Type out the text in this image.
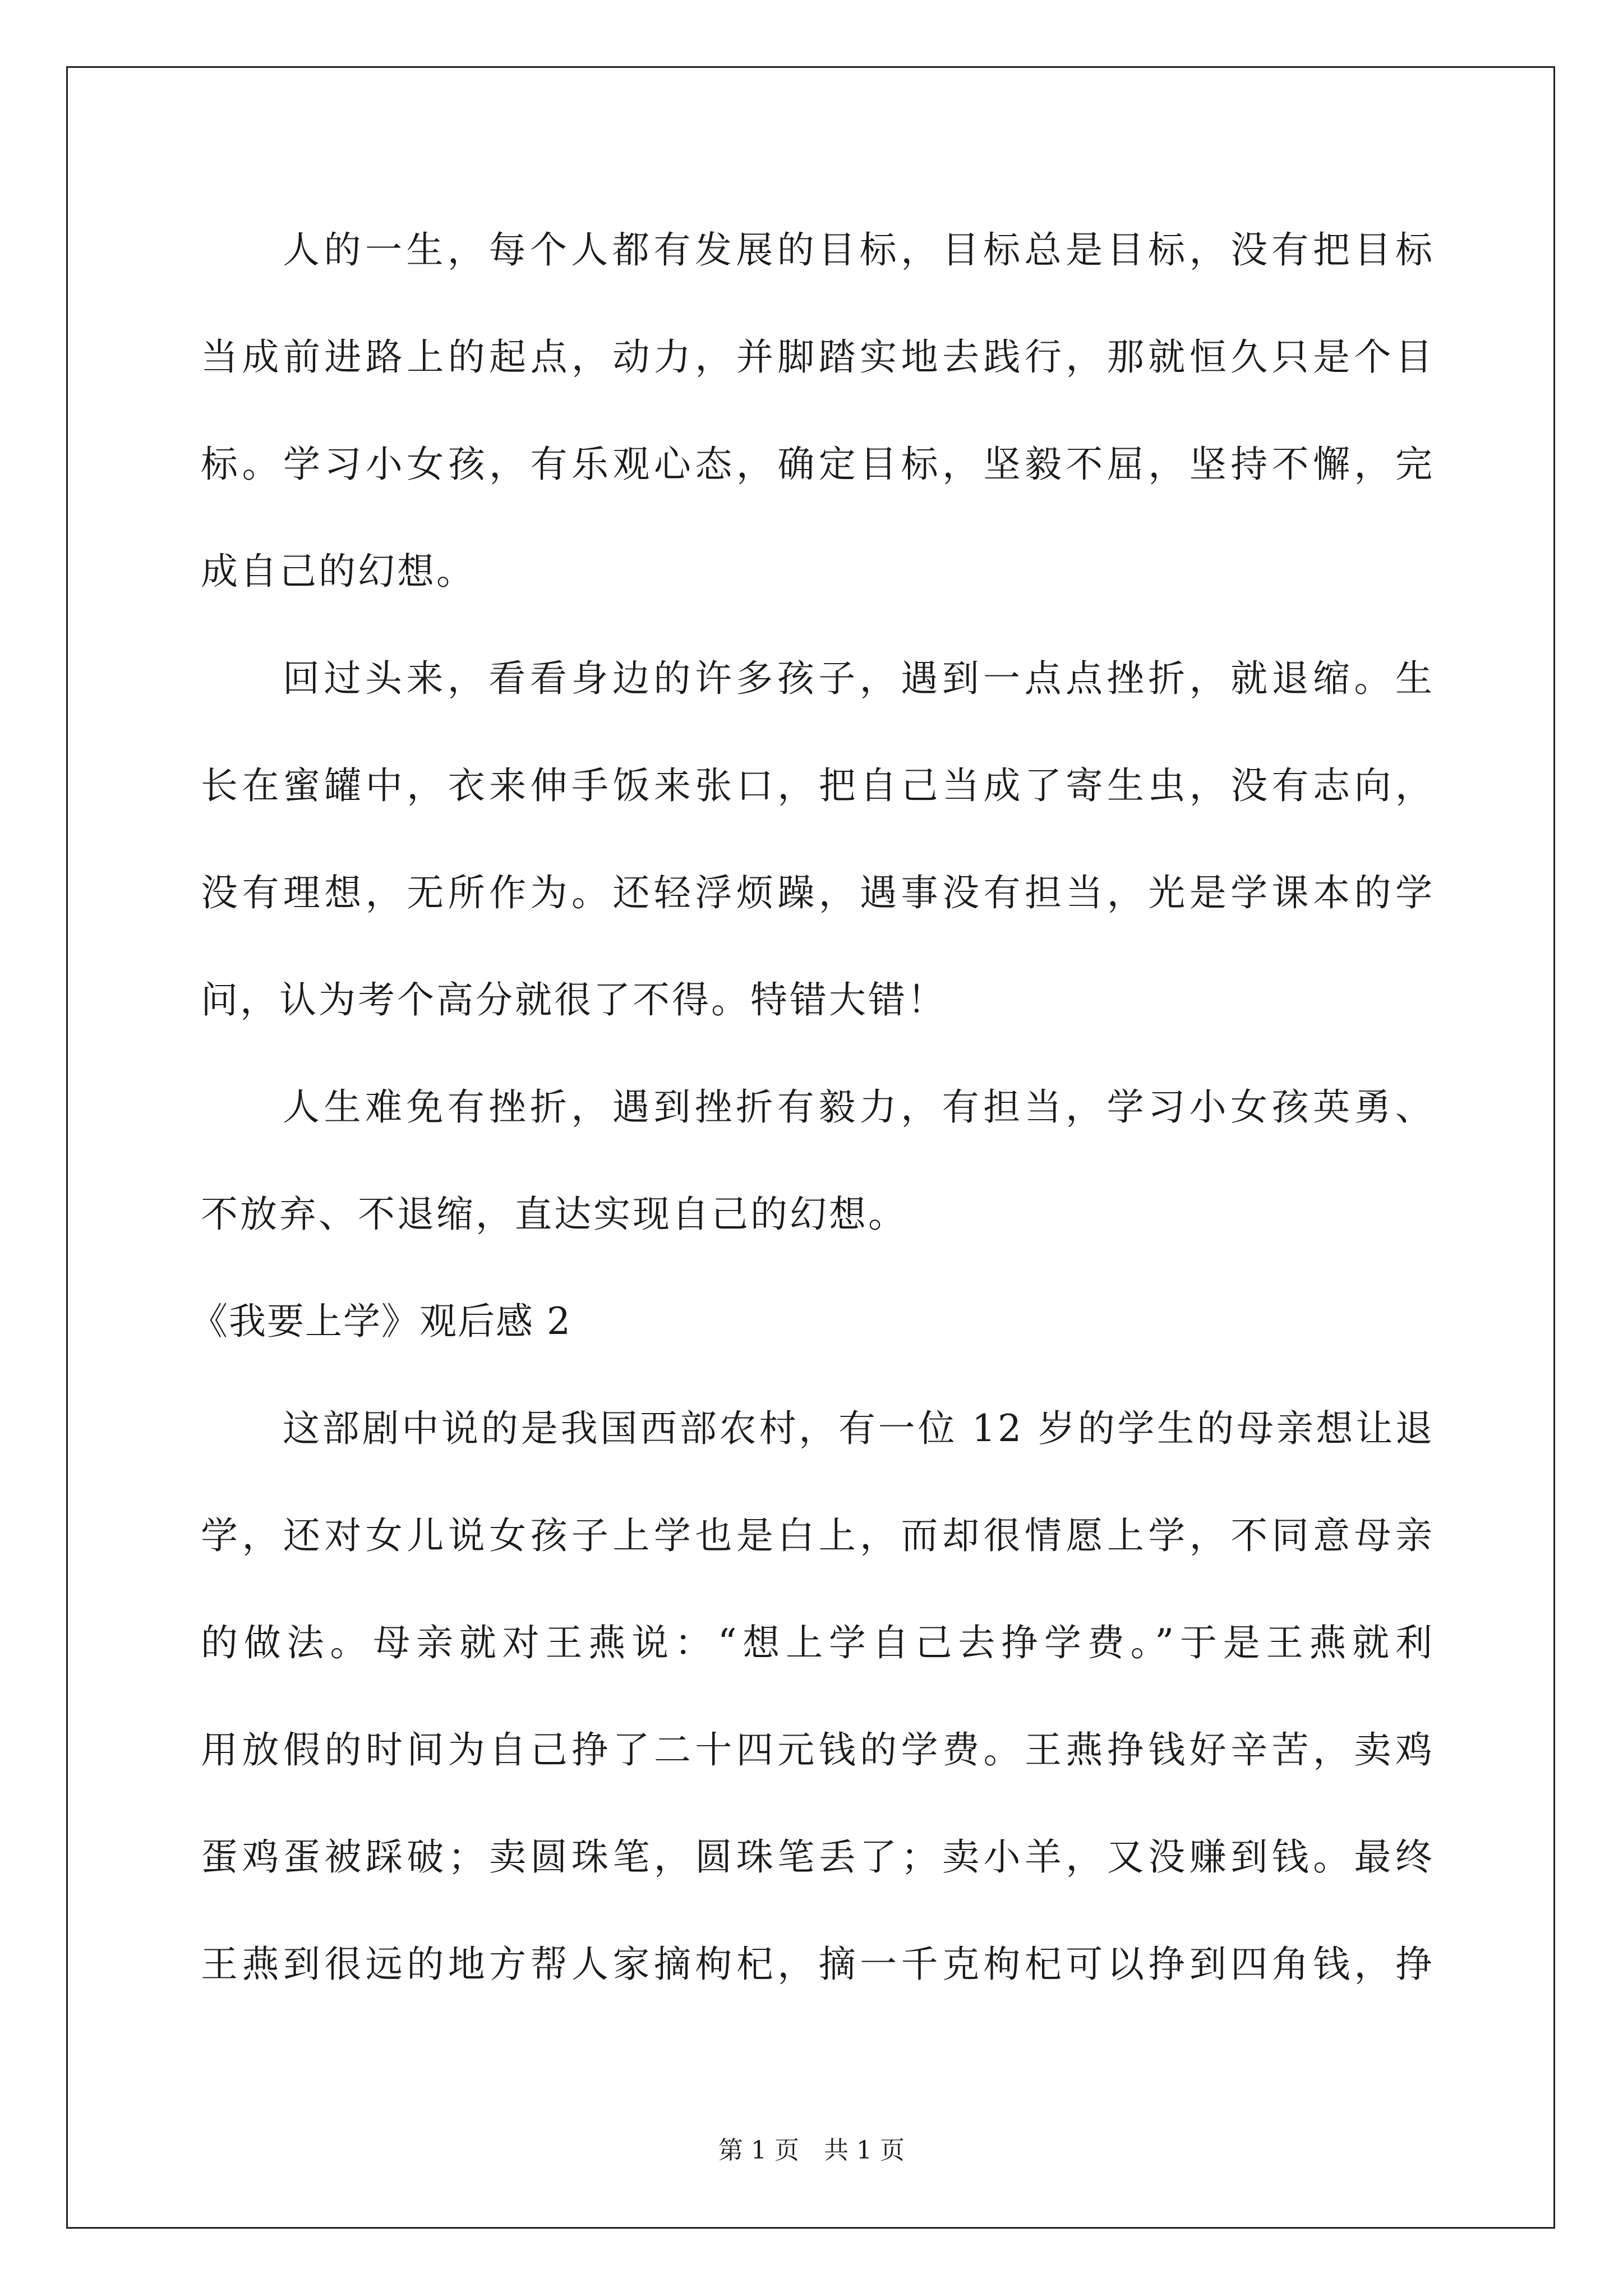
人的一生，每个人都有发展的目标，目标总是目标，没有把目标
当成前进路上的起点，动力，并脚踏实地去践行，那就恒久只是个目
标。学习小女孩，有乐观心态，确定目标，坚毅不屈，坚持不懈，完
成自己的幻想。
回过头来，看看身边的许多孩子，遇到一点点挫折，就退缩。生
长在蜜罐中，衣来伸手饭来张口，把自己当成了寄生虫，没有志向，
没有理想，无所作为。还轻浮烦躁，遇事没有担当，光是学课本的学
问，认为考个高分就很了不得。特错大错！
人生难免有挫折，遇到挫折有毅力，有担当，学习小女孩英勇、
不放弃、不退缩，直达实现自己的幻想。
《我要上学》观后感 2
这部剧中说的是我国西部农村，有一位 12 岁的学生的母亲想让退
学，还对女儿说女孩子上学也是白上，而却很情愿上学，不同意母亲
的做法。母亲就对王燕说：“想上学自己去挣学费。”于是王燕就利
用放假的时间为自己挣了二十四元钱的学费。王燕挣钱好辛苦，卖鸡
蛋鸡蛋被踩破；卖圆珠笔，圆珠笔丢了；卖小羊，又没赚到钱。最终
王燕到很远的地方帮人家摘枸杞，摘一千克枸杞可以挣到四角钱，挣
第 1 页　共 1 页
